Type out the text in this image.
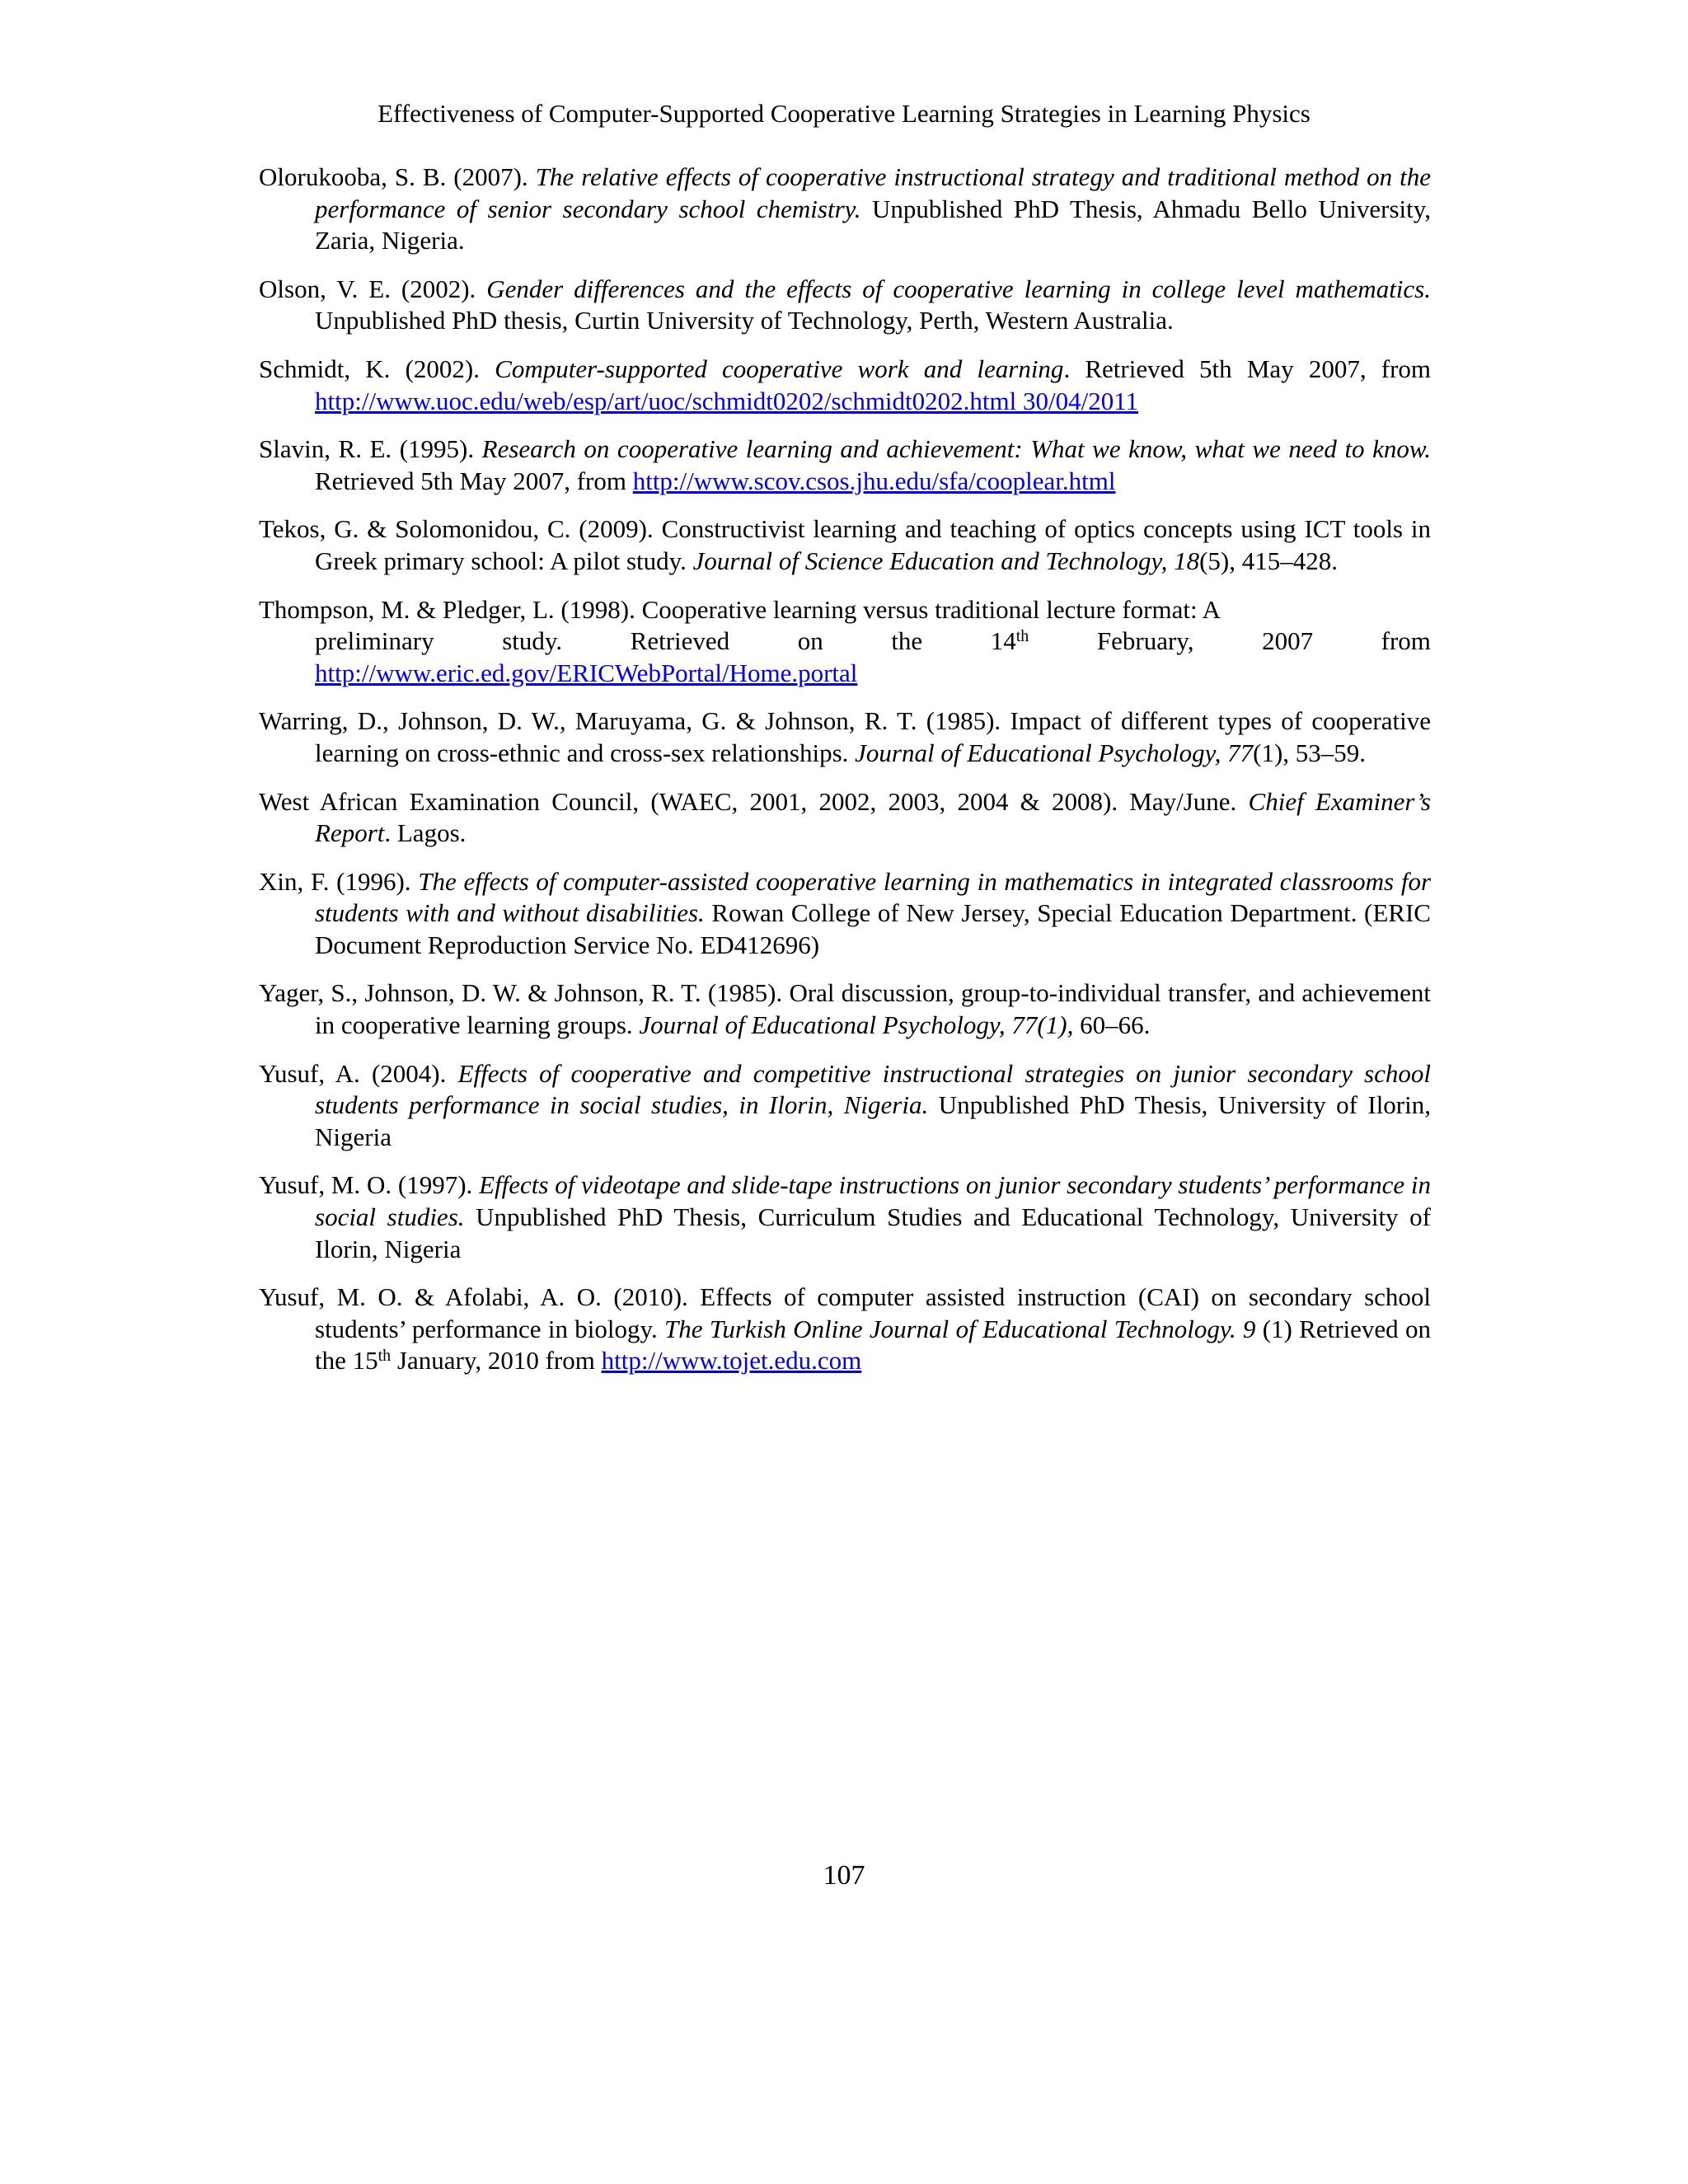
Effectiveness of Computer-Supported Cooperative Learning Strategies in Learning Physics

Olorukooba, S. B. (2007). The relative effects of cooperative instructional strategy and traditional method on the performance of senior secondary school chemistry. Unpublished PhD Thesis, Ahmadu Bello University, Zaria, Nigeria.

Olson, V. E. (2002). Gender differences and the effects of cooperative learning in college level mathematics. Unpublished PhD thesis, Curtin University of Technology, Perth, Western Australia.

Schmidt, K. (2002). Computer-supported cooperative work and learning. Retrieved 5th May 2007, from http://www.uoc.edu/web/esp/art/uoc/schmidt0202/schmidt0202.html 30/04/2011

Slavin, R. E. (1995). Research on cooperative learning and achievement: What we know, what we need to know. Retrieved 5th May 2007, from http://www.scov.csos.jhu.edu/sfa/cooplear.html

Tekos, G. & Solomonidou, C. (2009). Constructivist learning and teaching of optics concepts using ICT tools in Greek primary school: A pilot study. Journal of Science Education and Technology, 18(5), 415–428.

Thompson, M. & Pledger, L. (1998). Cooperative learning versus traditional lecture format: A
preliminary	study.	Retrieved	on	the	14th	February,	2007	from
http://www.eric.ed.gov/ERICWebPortal/Home.portal

Warring, D., Johnson, D. W., Maruyama, G. & Johnson, R. T. (1985). Impact of different types of cooperative learning on cross-ethnic and cross-sex relationships. Journal of Educational Psychology, 77(1), 53–59.

West African Examination Council, (WAEC, 2001, 2002, 2003, 2004 & 2008). May/June. Chief Examiner’s Report. Lagos.

Xin, F. (1996). The effects of computer-assisted cooperative learning in mathematics in integrated classrooms for students with and without disabilities. Rowan College of New Jersey, Special Education Department. (ERIC Document Reproduction Service No. ED412696)

Yager, S., Johnson, D. W. & Johnson, R. T. (1985). Oral discussion, group-to-individual transfer, and achievement in cooperative learning groups. Journal of Educational Psychology, 77(1), 60–66.

Yusuf, A. (2004). Effects of cooperative and competitive instructional strategies on junior secondary school students performance in social studies, in Ilorin, Nigeria. Unpublished PhD Thesis, University of Ilorin, Nigeria

Yusuf, M. O. (1997). Effects of videotape and slide-tape instructions on junior secondary students’ performance in social studies. Unpublished PhD Thesis, Curriculum Studies and Educational Technology, University of Ilorin, Nigeria

Yusuf, M. O. & Afolabi, A. O. (2010). Effects of computer assisted instruction (CAI) on secondary school students’ performance in biology. The Turkish Online Journal of Educational Technology. 9 (1) Retrieved on the 15th January, 2010 from http://www.tojet.edu.com

107
